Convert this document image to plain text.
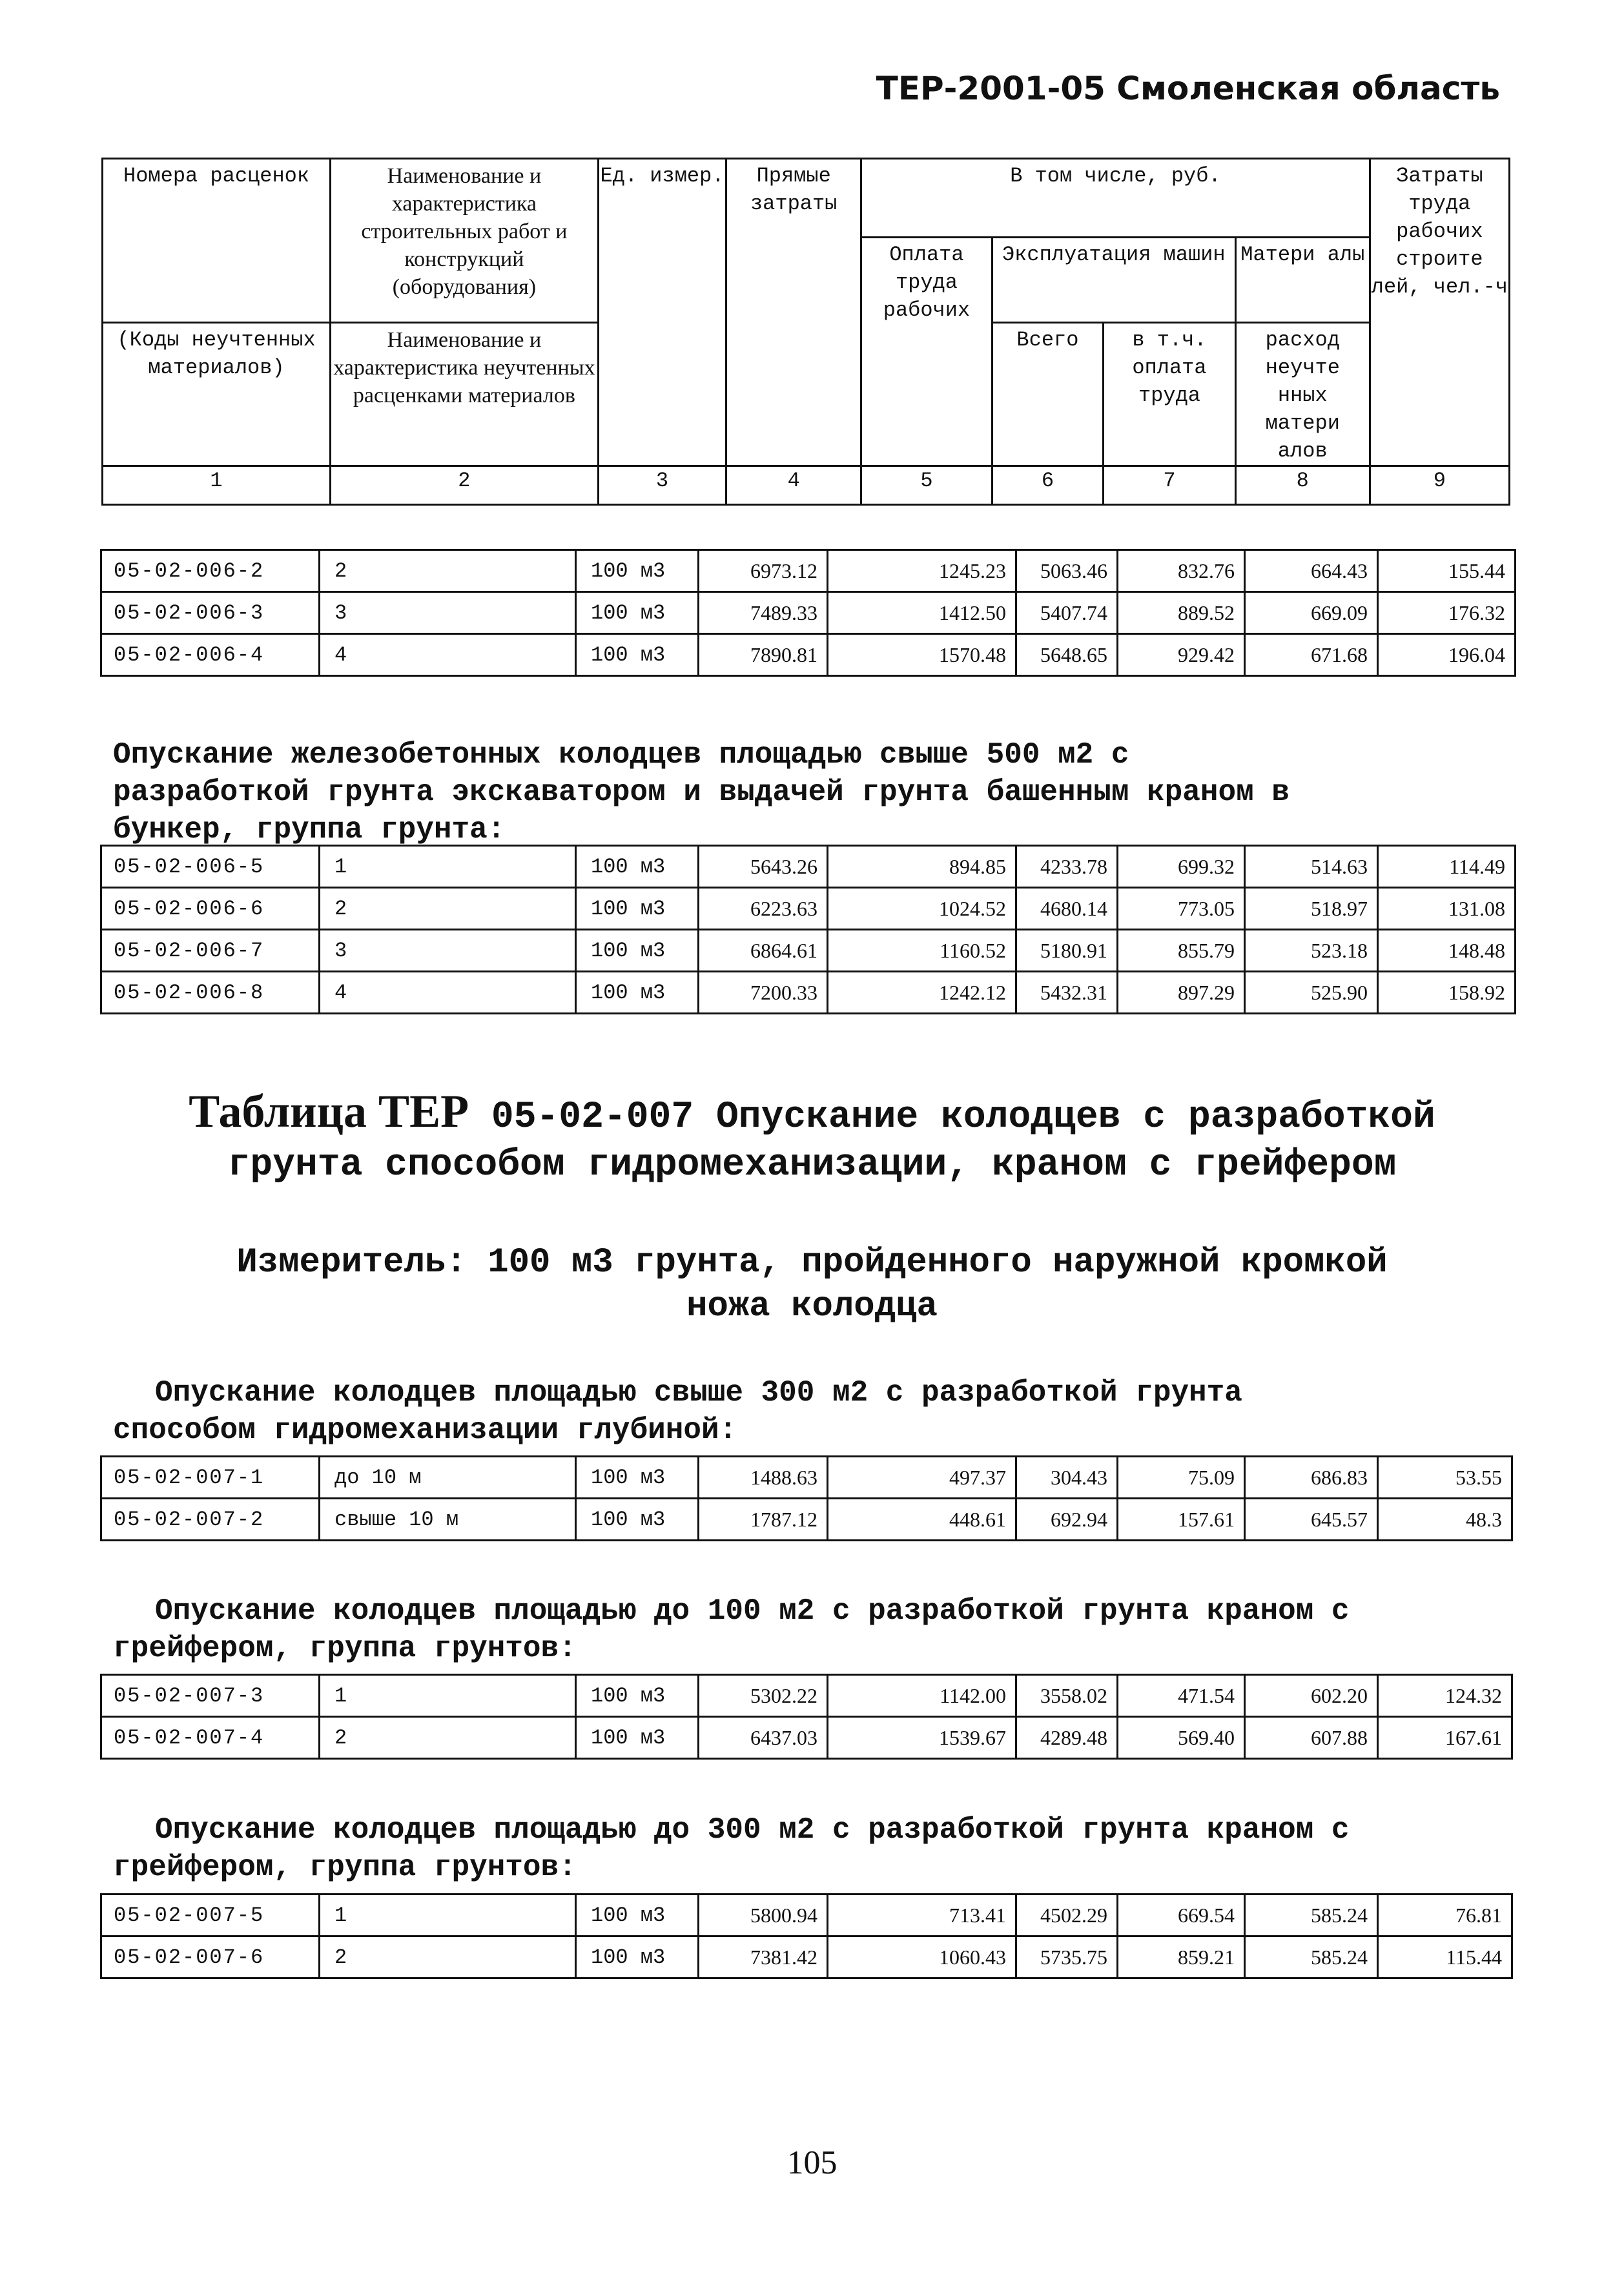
ТЕР-2001-05 Смоленская область
Номера расценок	Наименование и характеристика строительных работ и конструкций (оборудования)	Ед. измер.	Прямые затраты	В том числе, руб.				Затраты труда рабочих строите лей, чел.-ч
				Оплата труда рабочих	Эксплуатация машин		Матери алы	
(Коды неучтенных материалов)	Наименование и характеристика неучтенных расценками материалов				Всего	в т.ч. оплата труда	расход неучте нных матери алов	
1	2	3	4	5	6	7	8	9
05-02-006-2	2	100 м3	6973.12	1245.23	5063.46	832.76	664.43	155.44
05-02-006-3	3	100 м3	7489.33	1412.50	5407.74	889.52	669.09	176.32
05-02-006-4	4	100 м3	7890.81	1570.48	5648.65	929.42	671.68	196.04
Опускание железобетонных колодцев площадью свыше 500 м2 с
разработкой грунта экскаватором и выдачей грунта башенным краном в
бункер, группа грунта:
05-02-006-5	1	100 м3	5643.26	894.85	4233.78	699.32	514.63	114.49
05-02-006-6	2	100 м3	6223.63	1024.52	4680.14	773.05	518.97	131.08
05-02-006-7	3	100 м3	6864.61	1160.52	5180.91	855.79	523.18	148.48
05-02-006-8	4	100 м3	7200.33	1242.12	5432.31	897.29	525.90	158.92
Таблица ТЕР 05-02-007 Опускание колодцев с разработкой
грунта способом гидромеханизации, краном с грейфером
Измеритель: 100 м3 грунта, пройденного наружной кромкой
ножа колодца
Опускание колодцев площадью свыше 300 м2 с разработкой грунта
способом гидромеханизации глубиной:
05-02-007-1	до 10 м	100 м3	1488.63	497.37	304.43	75.09	686.83	53.55
05-02-007-2	свыше 10 м	100 м3	1787.12	448.61	692.94	157.61	645.57	48.3
Опускание колодцев площадью до 100 м2 с разработкой грунта краном с
грейфером, группа грунтов:
05-02-007-3	1	100 м3	5302.22	1142.00	3558.02	471.54	602.20	124.32
05-02-007-4	2	100 м3	6437.03	1539.67	4289.48	569.40	607.88	167.61
Опускание колодцев площадью до 300 м2 с разработкой грунта краном с
грейфером, группа грунтов:
05-02-007-5	1	100 м3	5800.94	713.41	4502.29	669.54	585.24	76.81
05-02-007-6	2	100 м3	7381.42	1060.43	5735.75	859.21	585.24	115.44
105
